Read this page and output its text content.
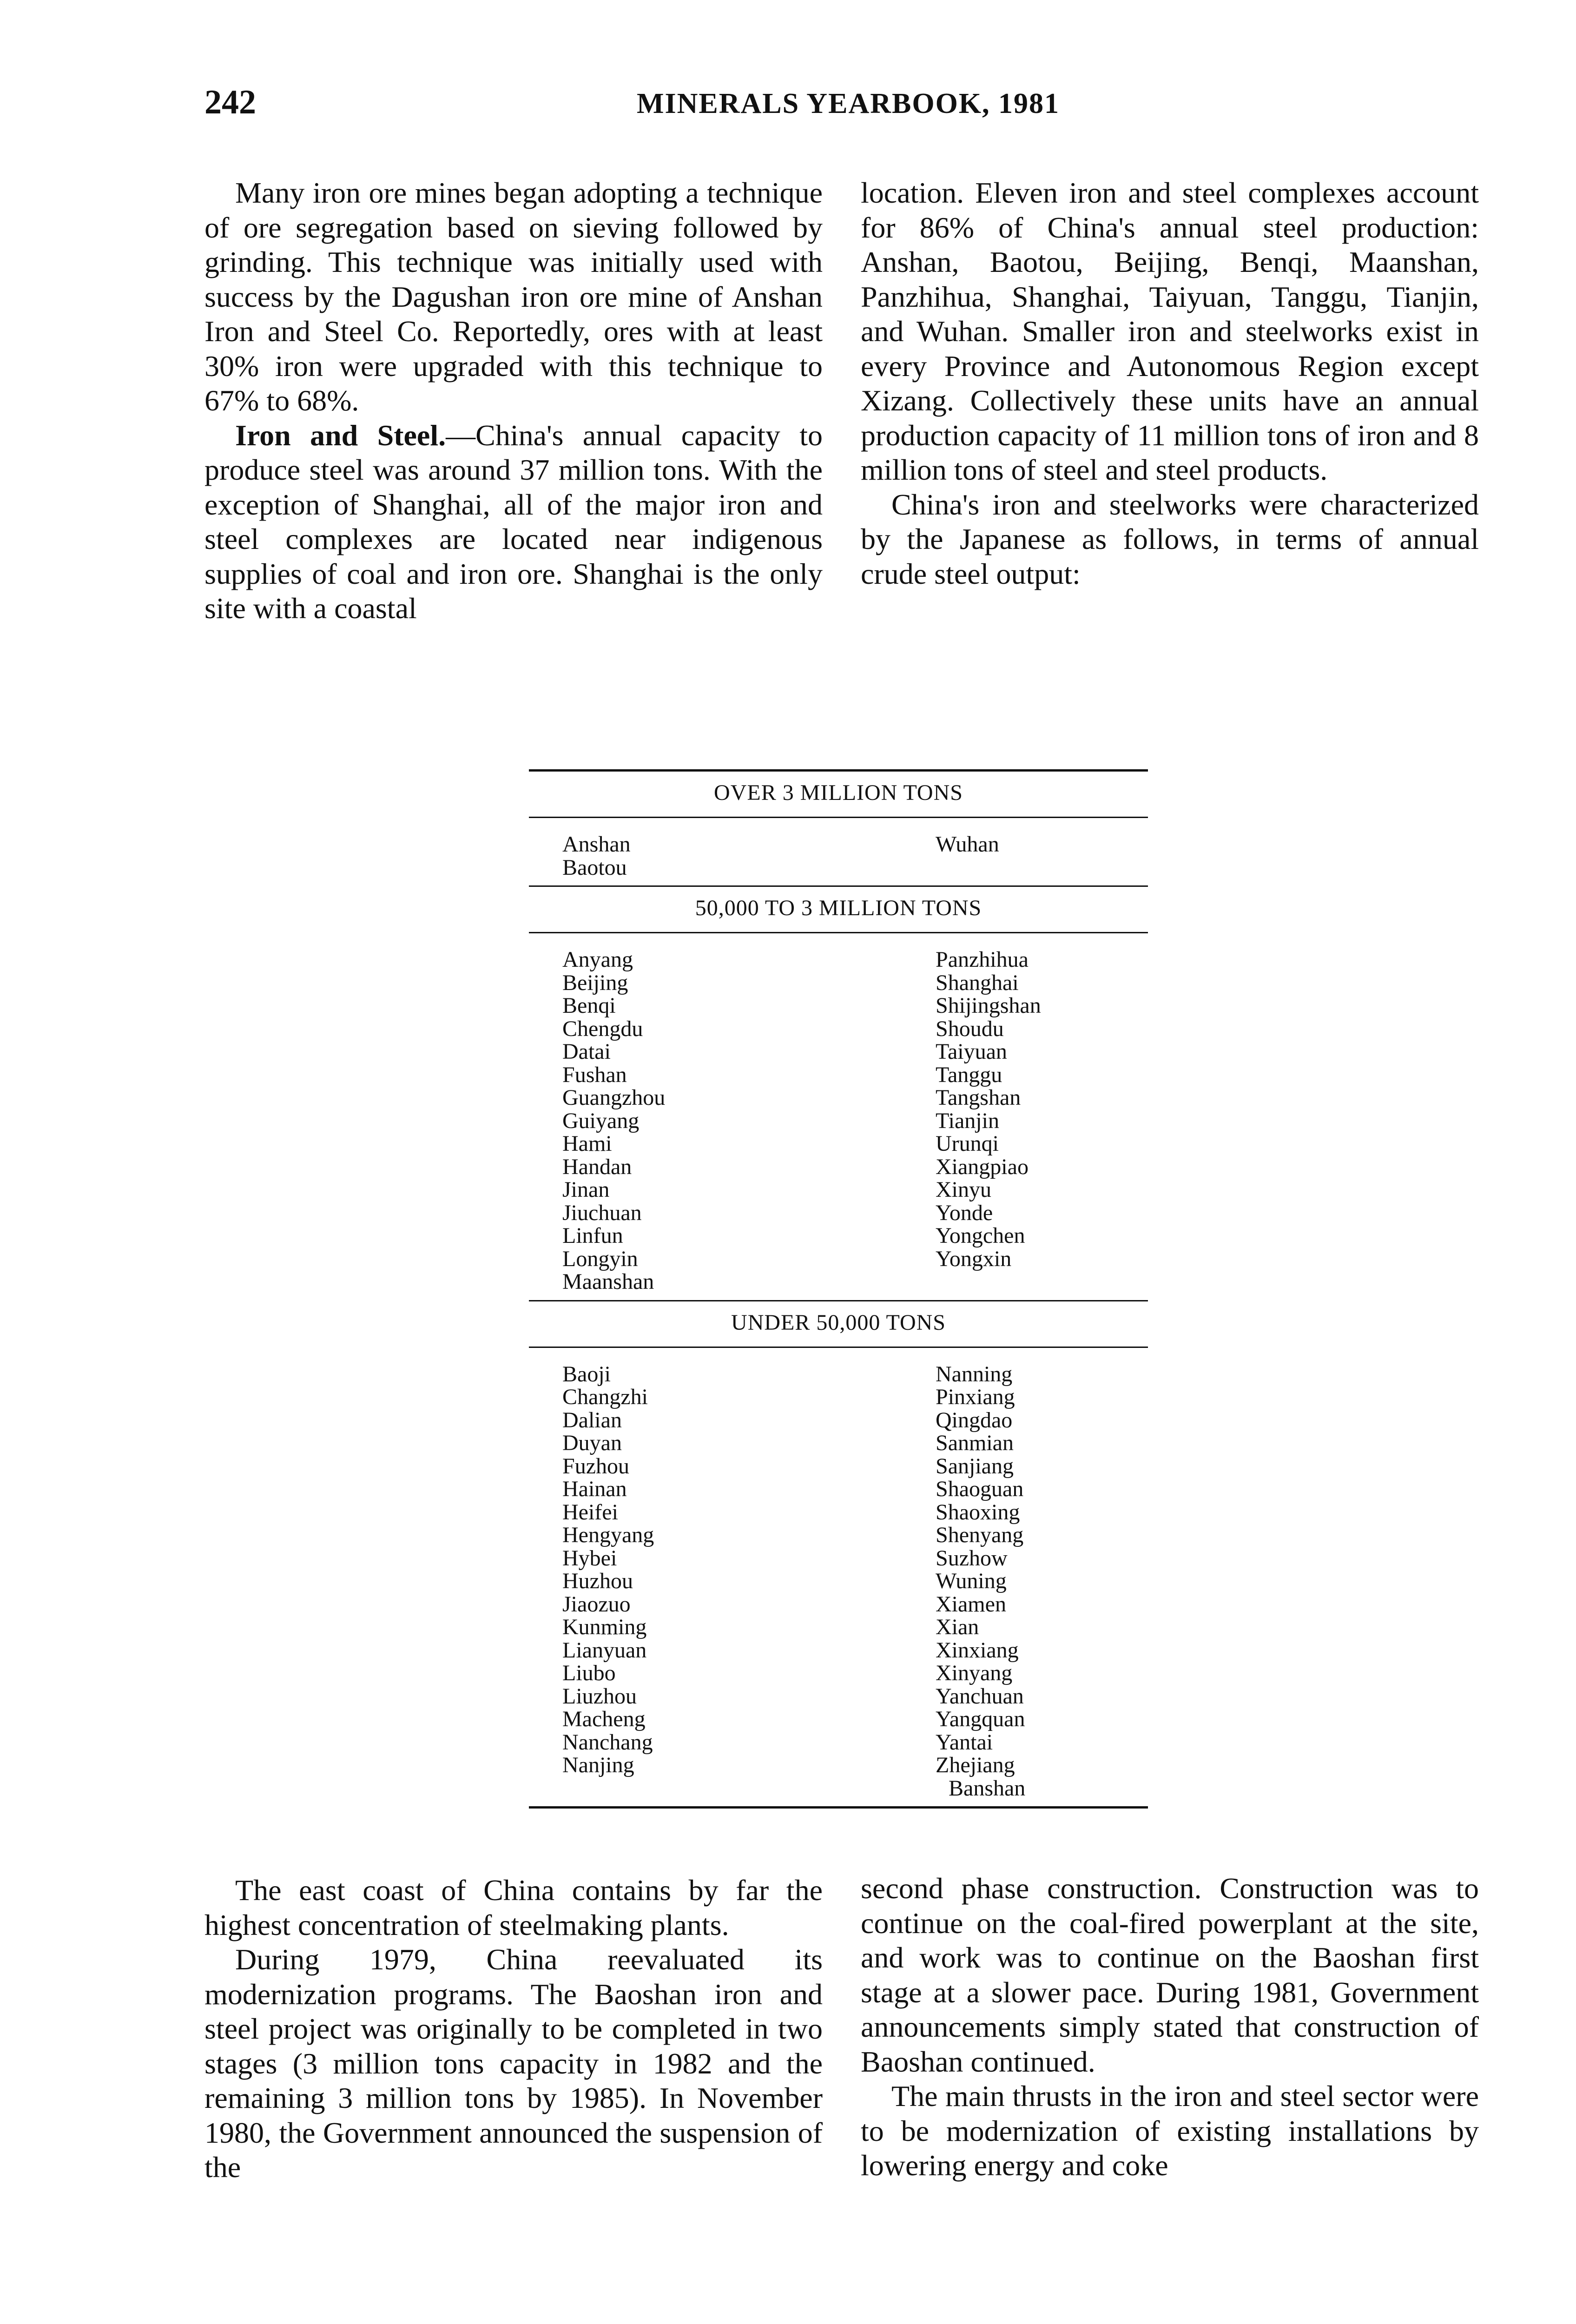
242	MINERALS YEARBOOK, 1981

Many iron ore mines began adopting a technique of ore segregation based on sieving followed by grinding. This technique was initially used with success by the Dagushan iron ore mine of Anshan Iron and Steel Co. Reportedly, ores with at least 30% iron were upgraded with this technique to 67% to 68%.

Iron and Steel.—China's annual capacity to produce steel was around 37 million tons. With the exception of Shanghai, all of the major iron and steel complexes are located near indigenous supplies of coal and iron ore. Shanghai is the only site with a coastal

location. Eleven iron and steel complexes account for 86% of China's annual steel production: Anshan, Baotou, Beijing, Benqi, Maanshan, Panzhihua, Shanghai, Taiyuan, Tanggu, Tianjin, and Wuhan. Smaller iron and steelworks exist in every Province and Autonomous Region except Xizang. Collectively these units have an annual production capacity of 11 million tons of iron and 8 million tons of steel and steel products.

China's iron and steelworks were characterized by the Japanese as follows, in terms of annual crude steel output:

OVER 3 MILLION TONS
Anshan
Baotou
Wuhan
50,000 TO 3 MILLION TONS
Anyang
Beijing
Benqi
Chengdu
Datai
Fushan
Guangzhou
Guiyang
Hami
Handan
Jinan
Jiuchuan
Linfun
Longyin
Maanshan
Panzhihua
Shanghai
Shijingshan
Shoudu
Taiyuan
Tanggu
Tangshan
Tianjin
Urunqi
Xiangpiao
Xinyu
Yonde
Yongchen
Yongxin
UNDER 50,000 TONS
Baoji
Changzhi
Dalian
Duyan
Fuzhou
Hainan
Heifei
Hengyang
Hybei
Huzhou
Jiaozuo
Kunming
Lianyuan
Liubo
Liuzhou
Macheng
Nanchang
Nanjing
Nanning
Pinxiang
Qingdao
Sanmian
Sanjiang
Shaoguan
Shaoxing
Shenyang
Suzhow
Wuning
Xiamen
Xian
Xinxiang
Xinyang
Yanchuan
Yangquan
Yantai
Zhejiang
Banshan

The east coast of China contains by far the highest concentration of steelmaking plants.

During 1979, China reevaluated its modernization programs. The Baoshan iron and steel project was originally to be completed in two stages (3 million tons capacity in 1982 and the remaining 3 million tons by 1985). In November 1980, the Government announced the suspension of the

second phase construction. Construction was to continue on the coal-fired powerplant at the site, and work was to continue on the Baoshan first stage at a slower pace. During 1981, Government announcements simply stated that construction of Baoshan continued.

The main thrusts in the iron and steel sector were to be modernization of existing installations by lowering energy and coke
